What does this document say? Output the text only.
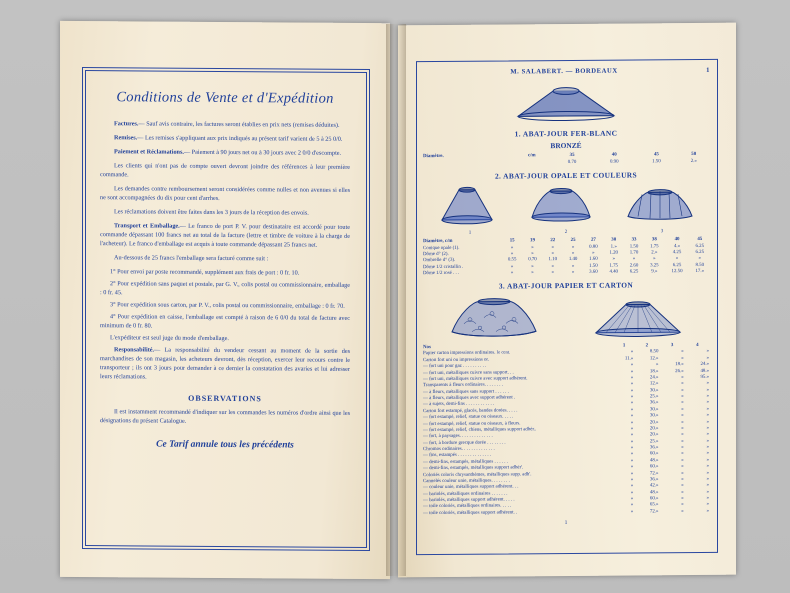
Conditions de Vente et d'Expédition

Factures.— Sauf avis contraire, les factures seront établies en prix nets (remises déduites).

Remises.— Les remises s'appliquant aux prix indiqués au présent tarif varient de 5 à 25 0/0.

Paiement et Réclamations.— Paiement à 90 jours net ou à 30 jours avec 2 0/0 d'escompte.

Les clients qui n'ont pas de compte ouvert devront joindre des références à leur première commande.

Les demandes contre remboursement seront considérées comme nulles et non avenues si elles ne sont accompagnées du dix pour cent d'arrhes.

Les réclamations doivent être faites dans les 3 jours de la réception des envois.

Transport et Emballage.— Le franco de port P. V. pour destinataire est accordé pour toute commande dépassant 100 francs net au total de la facture (lettre et timbre de voiture à la charge de l'acheteur). Le franco d'emballage est acquis à toute commande dépassant 25 francs net.

Au-dessous de 25 francs l'emballage sera facturé comme suit :

1° Pour envoi par poste recommandé, supplément aux frais de port : 0 fr. 10.

2° Pour expédition sans paquet et postale, par G. V., colis postal ou commissionnaire, emballage : 0 fr. 45.

3° Pour expédition sous carton, par P. V., colis postal ou commissionnaire, emballage : 0 fr. 70.

4° Pour expédition en caisse, l'emballage est compté à raison de 6 0/0 du total de facture avec minimum de 0 fr. 80.

L'expéditeur est seul juge du mode d'emballage.

Responsabilité.— La responsabilité du vendeur cessant au moment de la sortie des marchandises de son magasin, les acheteurs devront, dès réception, exercer leur recours contre le transporteur ; ils ont 3 jours pour demander à ce dernier la constatation des avaries et lui adresser leurs réclamations.

OBSERVATIONS

Il est instamment recommandé d'indiquer sur les commandes les numéros d'ordre ainsi que les désignations du présent Catalogue.

Ce Tarif annule tous les précédents
M. SALABERT. — BORDEAUX	1
1. ABAT-JOUR FER-BLANC
BRONZÉ
Diamètre.	c/m	35	40	45	50
		0.70	0.90	1.50	2.»
2. ABAT-JOUR OPALE ET COULEURS
1	2	3
Diamètre, c/m	15	19	22	25	27	30	33	38	40	45
Conique opale (1).	»	»	»	»	0.80	1.»	1.50	1.75	4.»	6.25
Dôme d° (2).	»	»	»	»	»	1.20	1.70	2.»	4.25	6.25
Ombrelle d° (3).	0.55	0.70	1.10	1.40	1.60	»	»	»	»	»
Dôme 1/2 cristallin .	»	»	»	»	1.50	1.75	2.60	3.25	6.25	8.50
Dôme 1/2 rosé . . .	»	»	»	»	3.60	4.40	6.25	9.»	12.50	17.»
3. ABAT-JOUR PAPIER ET CARTON
Nos	1	2	3	4
Papier carton impressions ordinaires. le cent.	»	8.50	»	»
Carton fort uni ou impressions or.	11.»	12.»	»	»
— fort uni pour gaz . . . . . . . . . .	»	»	18.»	24.»
— fort uni, métalliques cuivre sans support. . .	»	18.»	26.»	48.»
— fort uni, métalliques cuivre avec support adhérent.	»	24.»	»	95.»
Transparents à fleurs ordinaires. . . . . . . .	»	12.»	»	»
— à fleurs, métalliques sans support . . . . . .	»	30.»	»	»
— à fleurs, métalliques avec support adhérent .	»	25.»	»	»
— à sujets, demi-fins . . . . . . . . . . . .	»	36.»	»	»
Carton fort estampé, glacés, bandes dorées. . . . .	»	30.»	»	»
— fort estampé, relief, statue ou oiseaux. . . . .	»	30.»	»	»
— fort estampé, relief, statue ou oiseaux, à fleurs.	»	20.»	»	»
— fort estampé, relief, chiens, métalliques support adhér..	»	20.»	»	»
— fort, à paysages. . . . . . . . . . . . . .	»	20.»	»	»
— fort, à bordure grecque dorée . . . . . . . .	»	25.»	»	»
Chromos ordinaires. . . . . . . . . . . . . .	»	36.»	»	»
— fins, estampés . . . . . . . . . . . . . .	»	60.»	»	»
— demi-fins, estampés, métalliques . . . . . .	»	48.»	»	»
— demi-fins, estampés, métalliques support adhér'.	»	60.»	»	»
Coloriés coloris chrysanthèmes, métalliques supp. adh'.	»	72.»	»	»
Cannelés couleur unie, métalliques. . . . . . . .	»	36.»	»	»
— couleur unie, métalliques support adhérent. . .	»	42.»	»	»
— bariolés, métalliques ordinaires . . . . . . .	»	48.»	»	»
— bariolés, métalliques support adhérent. . . . .	»	60.»	»	»
— toile coloriés, métalliques ordinaires. . . . .	»	65.»	»	»
— toile coloriés, métalliques support adhérent. .	»	72.»	»	»
1
